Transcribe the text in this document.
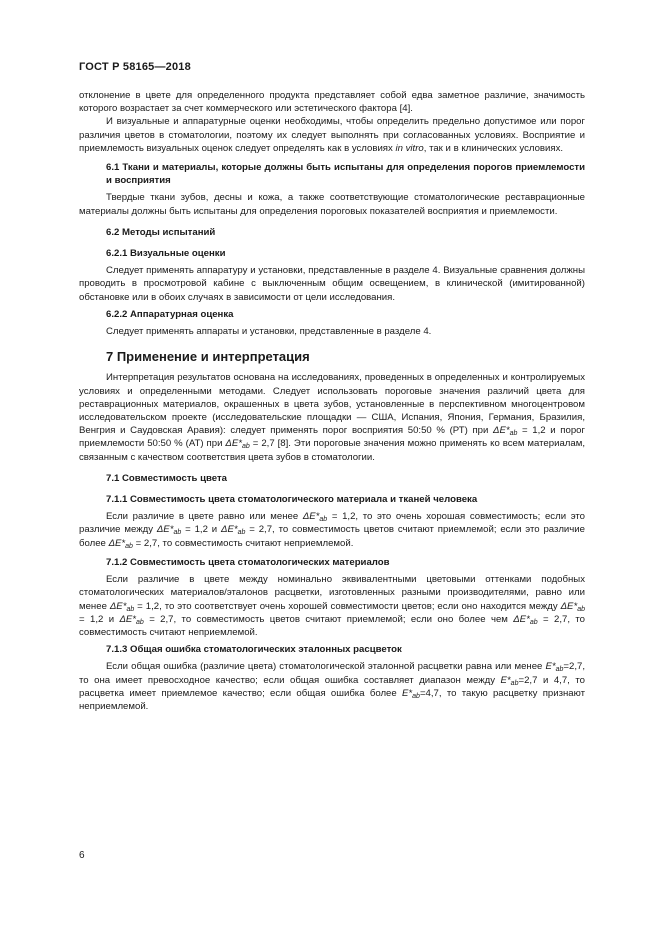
ГОСТ Р 58165—2018

отклонение в цвете для определенного продукта представляет собой едва заметное различие, значимость которого возрастает за счет коммерческого или эстетического фактора [4].

И визуальные и аппаратурные оценки необходимы, чтобы определить предельно допустимое или порог различия цветов в стоматологии, поэтому их следует выполнять при согласованных условиях. Восприятие и приемлемость визуальных оценок следует определять как в условиях in vitro, так и в клинических условиях.

6.1 Ткани и материалы, которые должны быть испытаны для определения порогов приемлемости и восприятия

Твердые ткани зубов, десны и кожа, а также соответствующие стоматологические реставрационные материалы должны быть испытаны для определения пороговых показателей восприятия и приемлемости.

6.2 Методы испытаний

6.2.1 Визуальные оценки

Следует применять аппаратуру и установки, представленные в разделе 4. Визуальные сравнения должны проводить в просмотровой кабине с выключенным общим освещением, в клинической (имитированной) обстановке или в обоих случаях в зависимости от цели исследования.

6.2.2 Аппаратурная оценка

Следует применять аппараты и установки, представленные в разделе 4.

7 Применение и интерпретация

Интерпретация результатов основана на исследованиях, проведенных в определенных и контролируемых условиях и определенными методами. Следует использовать пороговые значения различий цвета для реставрационных материалов, окрашенных в цвета зубов, установленные в перспективном многоцентровом исследовательском проекте (исследовательские площадки — США, Испания, Япония, Германия, Бразилия, Венгрия и Саудовская Аравия): следует применять порог восприятия 50:50 % (РТ) при $\Delta E*_{ab} = 1,2$ и порог приемлемости 50:50 % (АТ) при $\Delta E*_{ab} = 2,7$ [8]. Эти пороговые значения можно применять ко всем материалам, связанным с качеством соответствия цвета зубов в стоматологии.

7.1 Совместимость цвета

7.1.1 Совместимость цвета стоматологического материала и тканей человека

Если различие в цвете равно или менее $\Delta E*_{ab} = 1,2$, то это очень хорошая совместимость; если это различие между $\Delta E*_{ab} = 1,2$ и $\Delta E*_{ab} = 2,7$, то совместимость цветов считают приемлемой; если это различие более $\Delta E*_{ab} = 2,7$, то совместимость считают неприемлемой.

7.1.2 Совместимость цвета стоматологических материалов

Если различие в цвете между номинально эквивалентными цветовыми оттенками подобных стоматологических материалов/эталонов расцветки, изготовленных разными производителями, равно или менее $\Delta E*_{ab} = 1,2$, то это соответствует очень хорошей совместимости цветов; если оно находится между $\Delta E*_{ab} = 1,2$ и $\Delta E*_{ab} = 2,7$, то совместимость цветов считают приемлемой; если оно более чем $\Delta E*_{ab} = 2,7$, то совместимость считают неприемлемой.

7.1.3 Общая ошибка стоматологических эталонных расцветок

Если общая ошибка (различие цвета) стоматологической эталонной расцветки равна или менее $E*_{ab}=2,7$, то она имеет превосходное качество; если общая ошибка составляет диапазон между $E*_{ab}=2,7$ и 4,7, то расцветка имеет приемлемое качество; если общая ошибка более $E*_{ab}=4,7$, то такую расцветку признают неприемлемой.

6
